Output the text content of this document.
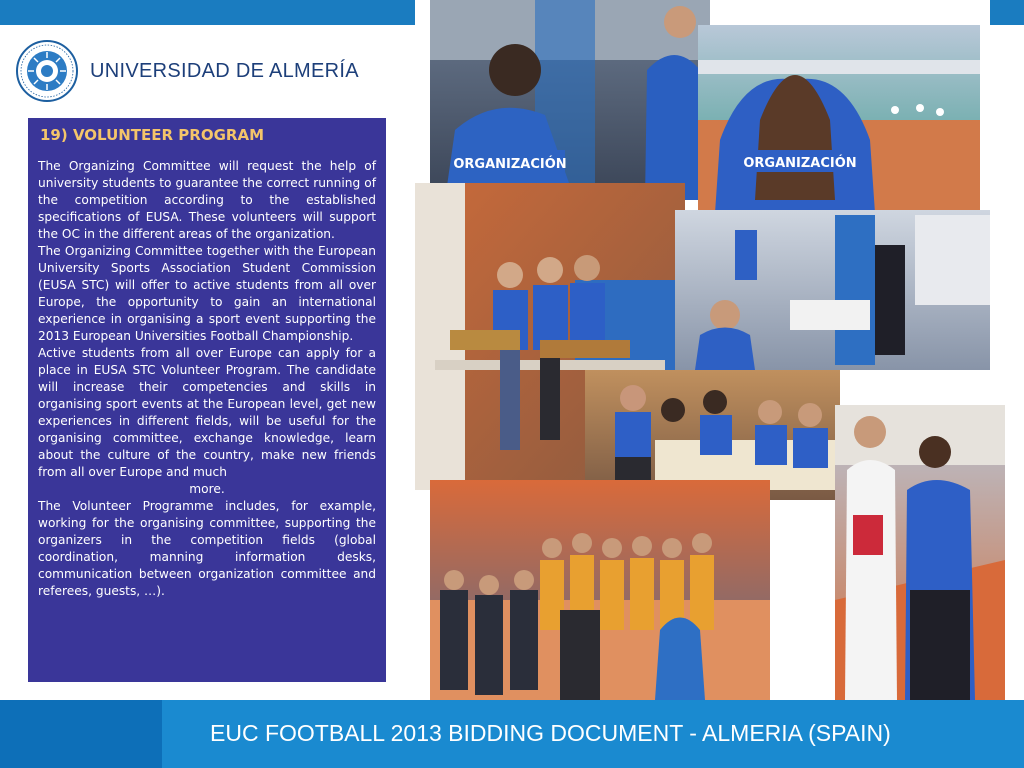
UNIVERSIDAD DE ALMERÍA
19) VOLUNTEER PROGRAM

The Organizing Committee will request the help of university students to guarantee the correct running of the competition according to the established specifications of EUSA. These volunteers will support the OC in the different areas of the organization.

The Organizing Committee together with the European University Sports Association Student Commission (EUSA STC) will offer to active students from all over Europe, the opportunity to gain an international experience in organising a sport event supporting the 2013 European Universities Football Championship.

Active students from all over Europe can apply for a place in EUSA STC Volunteer Program. The candidate will increase their competencies and skills in organising sport events at the European level, get new experiences in different fields, will be useful for the organising committee, exchange knowledge, learn about the culture of the country, make new friends from all over Europe and much

more.

The Volunteer Programme includes, for example, working for the organising committee, supporting the organizers in the competition fields (global coordination, manning information desks, communication between organization committee and referees, guests, …).

ORGANIZACIÓN	ORGANIZACIÓN
EUC FOOTBALL 2013 BIDDING DOCUMENT - ALMERIA (SPAIN)
